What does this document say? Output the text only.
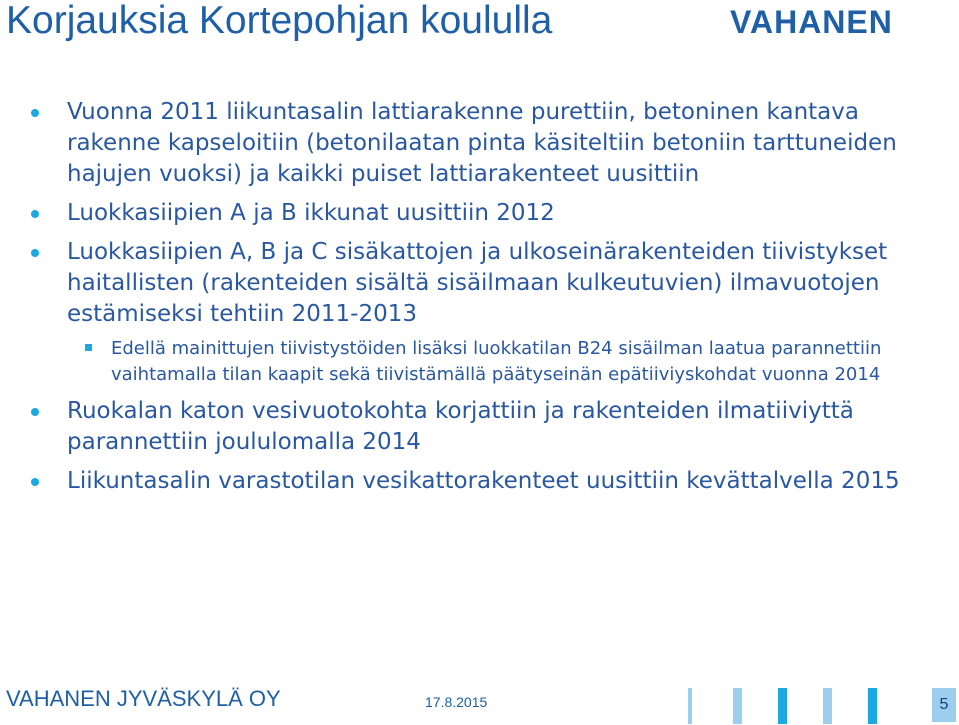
Korjauksia Kortepohjan koululla	VAHANEN
Vuonna 2011 liikuntasalin lattiarakenne purettiin, betoninen kantava rakenne kapseloitiin (betonilaatan pinta käsiteltiin betoniin tarttuneiden hajujen vuoksi) ja kaikki puiset lattiarakenteet uusittiin
Luokkasiipien A ja B ikkunat uusittiin 2012
Luokkasiipien A, B ja C sisäkattojen ja ulkoseinärakenteiden tiivistykset haitallisten (rakenteiden sisältä sisäilmaan kulkeutuvien) ilmavuotojen estämiseksi tehtiin 2011-2013
Edellä mainittujen tiivistystöiden lisäksi luokkatilan B24 sisäilman laatua parannettiin vaihtamalla tilan kaapit sekä tiivistämällä päätyseinän epätiiviyskohdat vuonna 2014
Ruokalan katon vesivuotokohta korjattiin ja rakenteiden ilmatiiviyttä parannettiin joululomalla 2014
Liikuntasalin varastotilan vesikattorakenteet uusittiin kevättalvella 2015
VAHANEN JYVÄSKYLÄ OY	17.8.2015	5
